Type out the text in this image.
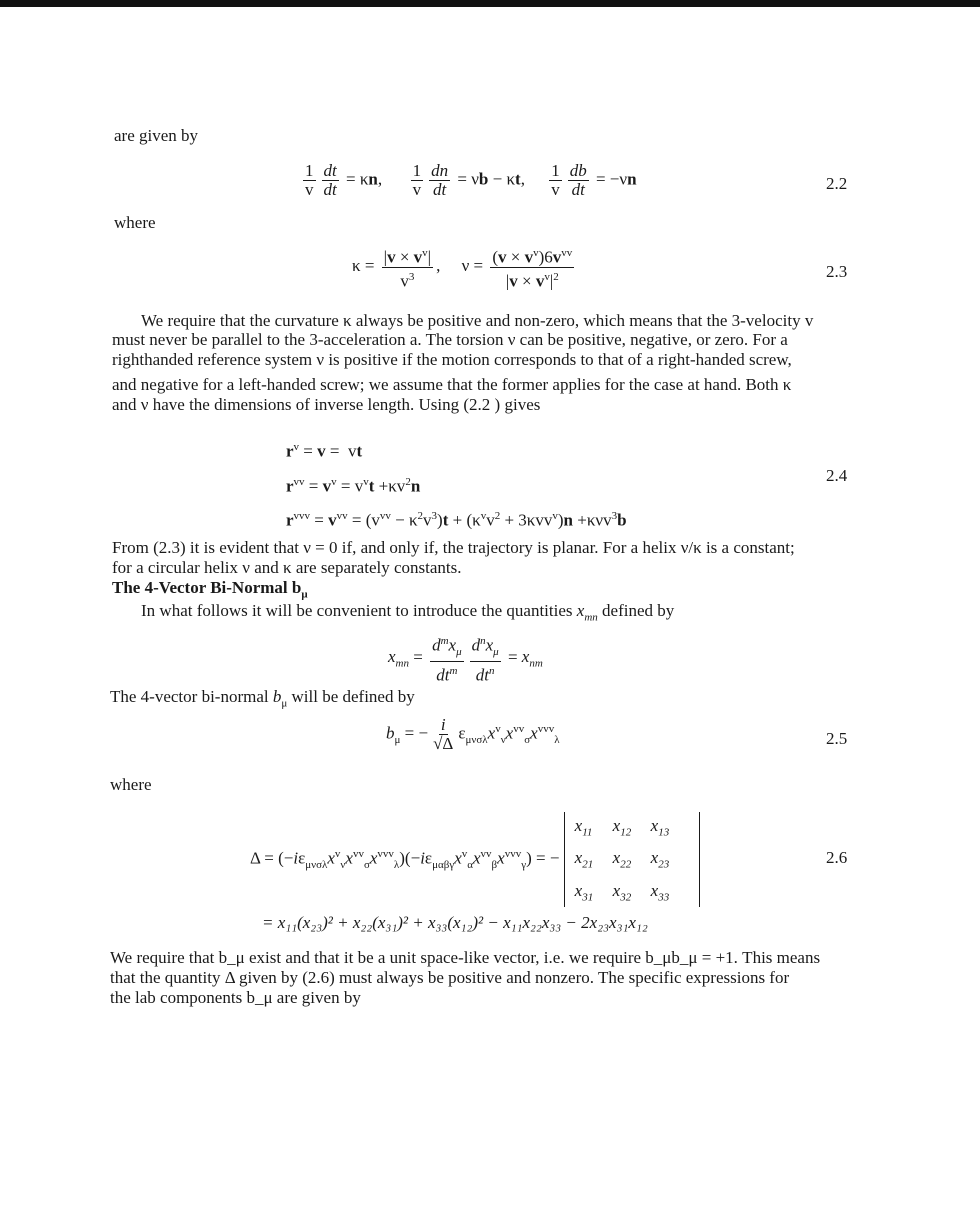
are given by
$\frac{1}{v} \frac{dt}{dt} = \kappa n$, $\frac{1}{v} \frac{dn}{dt} = \nu b - \kappa t$, $\frac{1}{v} \frac{db}{dt} = -\nu n$	2.2
where
$\kappa = \frac{|v \times v^v|}{v^3}$ ,     $\nu = \frac{(v \times v^v)6v^{vv}}{|v \times v^v|^2}$	2.3
We require that the curvature κ always be positive and non-zero, which means that the 3-velocity v
must never be parallel to the 3-acceleration a. The torsion ν can be positive, negative, or zero. For a
righthanded reference system ν is positive if the motion corresponds to that of a right-handed screw,
and negative for a left-handed screw; we assume that the former applies for the case at hand. Both κ
and ν have the dimensions of inverse length. Using (2.2 ) gives
$r^v = v$ =  vt
$r^{vv} = v^v = v^vt +\kappa v^2n$
$r^{vvv} = v^{vv} = (v^{vv} - \kappa^2v^3)t + (\kappa^vv^2 + 3\kappa vv^v)n +\kappa\nu v^3b$
2.4
From (2.3) it is evident that ν = 0 if, and only if, the trajectory is planar. For a helix ν/κ is a constant;
for a circular helix ν and κ are separately constants.
The 4-Vector Bi-Normal $b_\mu$
In what follows it will be convenient to introduce the quantities $x_{mn}$ defined by
$x_{mn} = \frac{d^mx_\mu}{dt^m} \frac{d^nx_\mu}{dt^n} = x_{nm}$
The 4-vector bi-normal $b_\mu$ will be defined by
$b_\mu$ = − $\frac{i}{√\Delta} \varepsilon_{\mu\nu\sigma\lambda}x^v_\nu x^{vv}_\sigma x^{vvv}_\lambda$	2.5
where
$\Delta = (-i\varepsilon_{\mu\nu\sigma\lambda}x^v_\nu x^{vv}_\sigma x^{vvv}_\lambda)(-i\varepsilon_{\mu\alpha\beta\gamma}x^v_\alpha x^{vv}_\beta x^{vvv}_\gamma)$ = −
$x_{11}$	$x_{12}$	$x_{13}$
$x_{21}$	$x_{22}$	$x_{23}$
$x_{31}$	$x_{32}$	$x_{33}$
2.6
= x₁₁(x₂₃)² + x₂₂(x₃₁)² + x₃₃(x₁₂)² − x₁₁x₂₂x₃₃ − 2x₂₃x₃₁x₁₂
We require that b_μ exist and that it be a unit space-like vector, i.e. we require b_μb_μ = +1. This means
that the quantity Δ given by (2.6) must always be positive and nonzero. The specific expressions for
the lab components b_μ are given by
